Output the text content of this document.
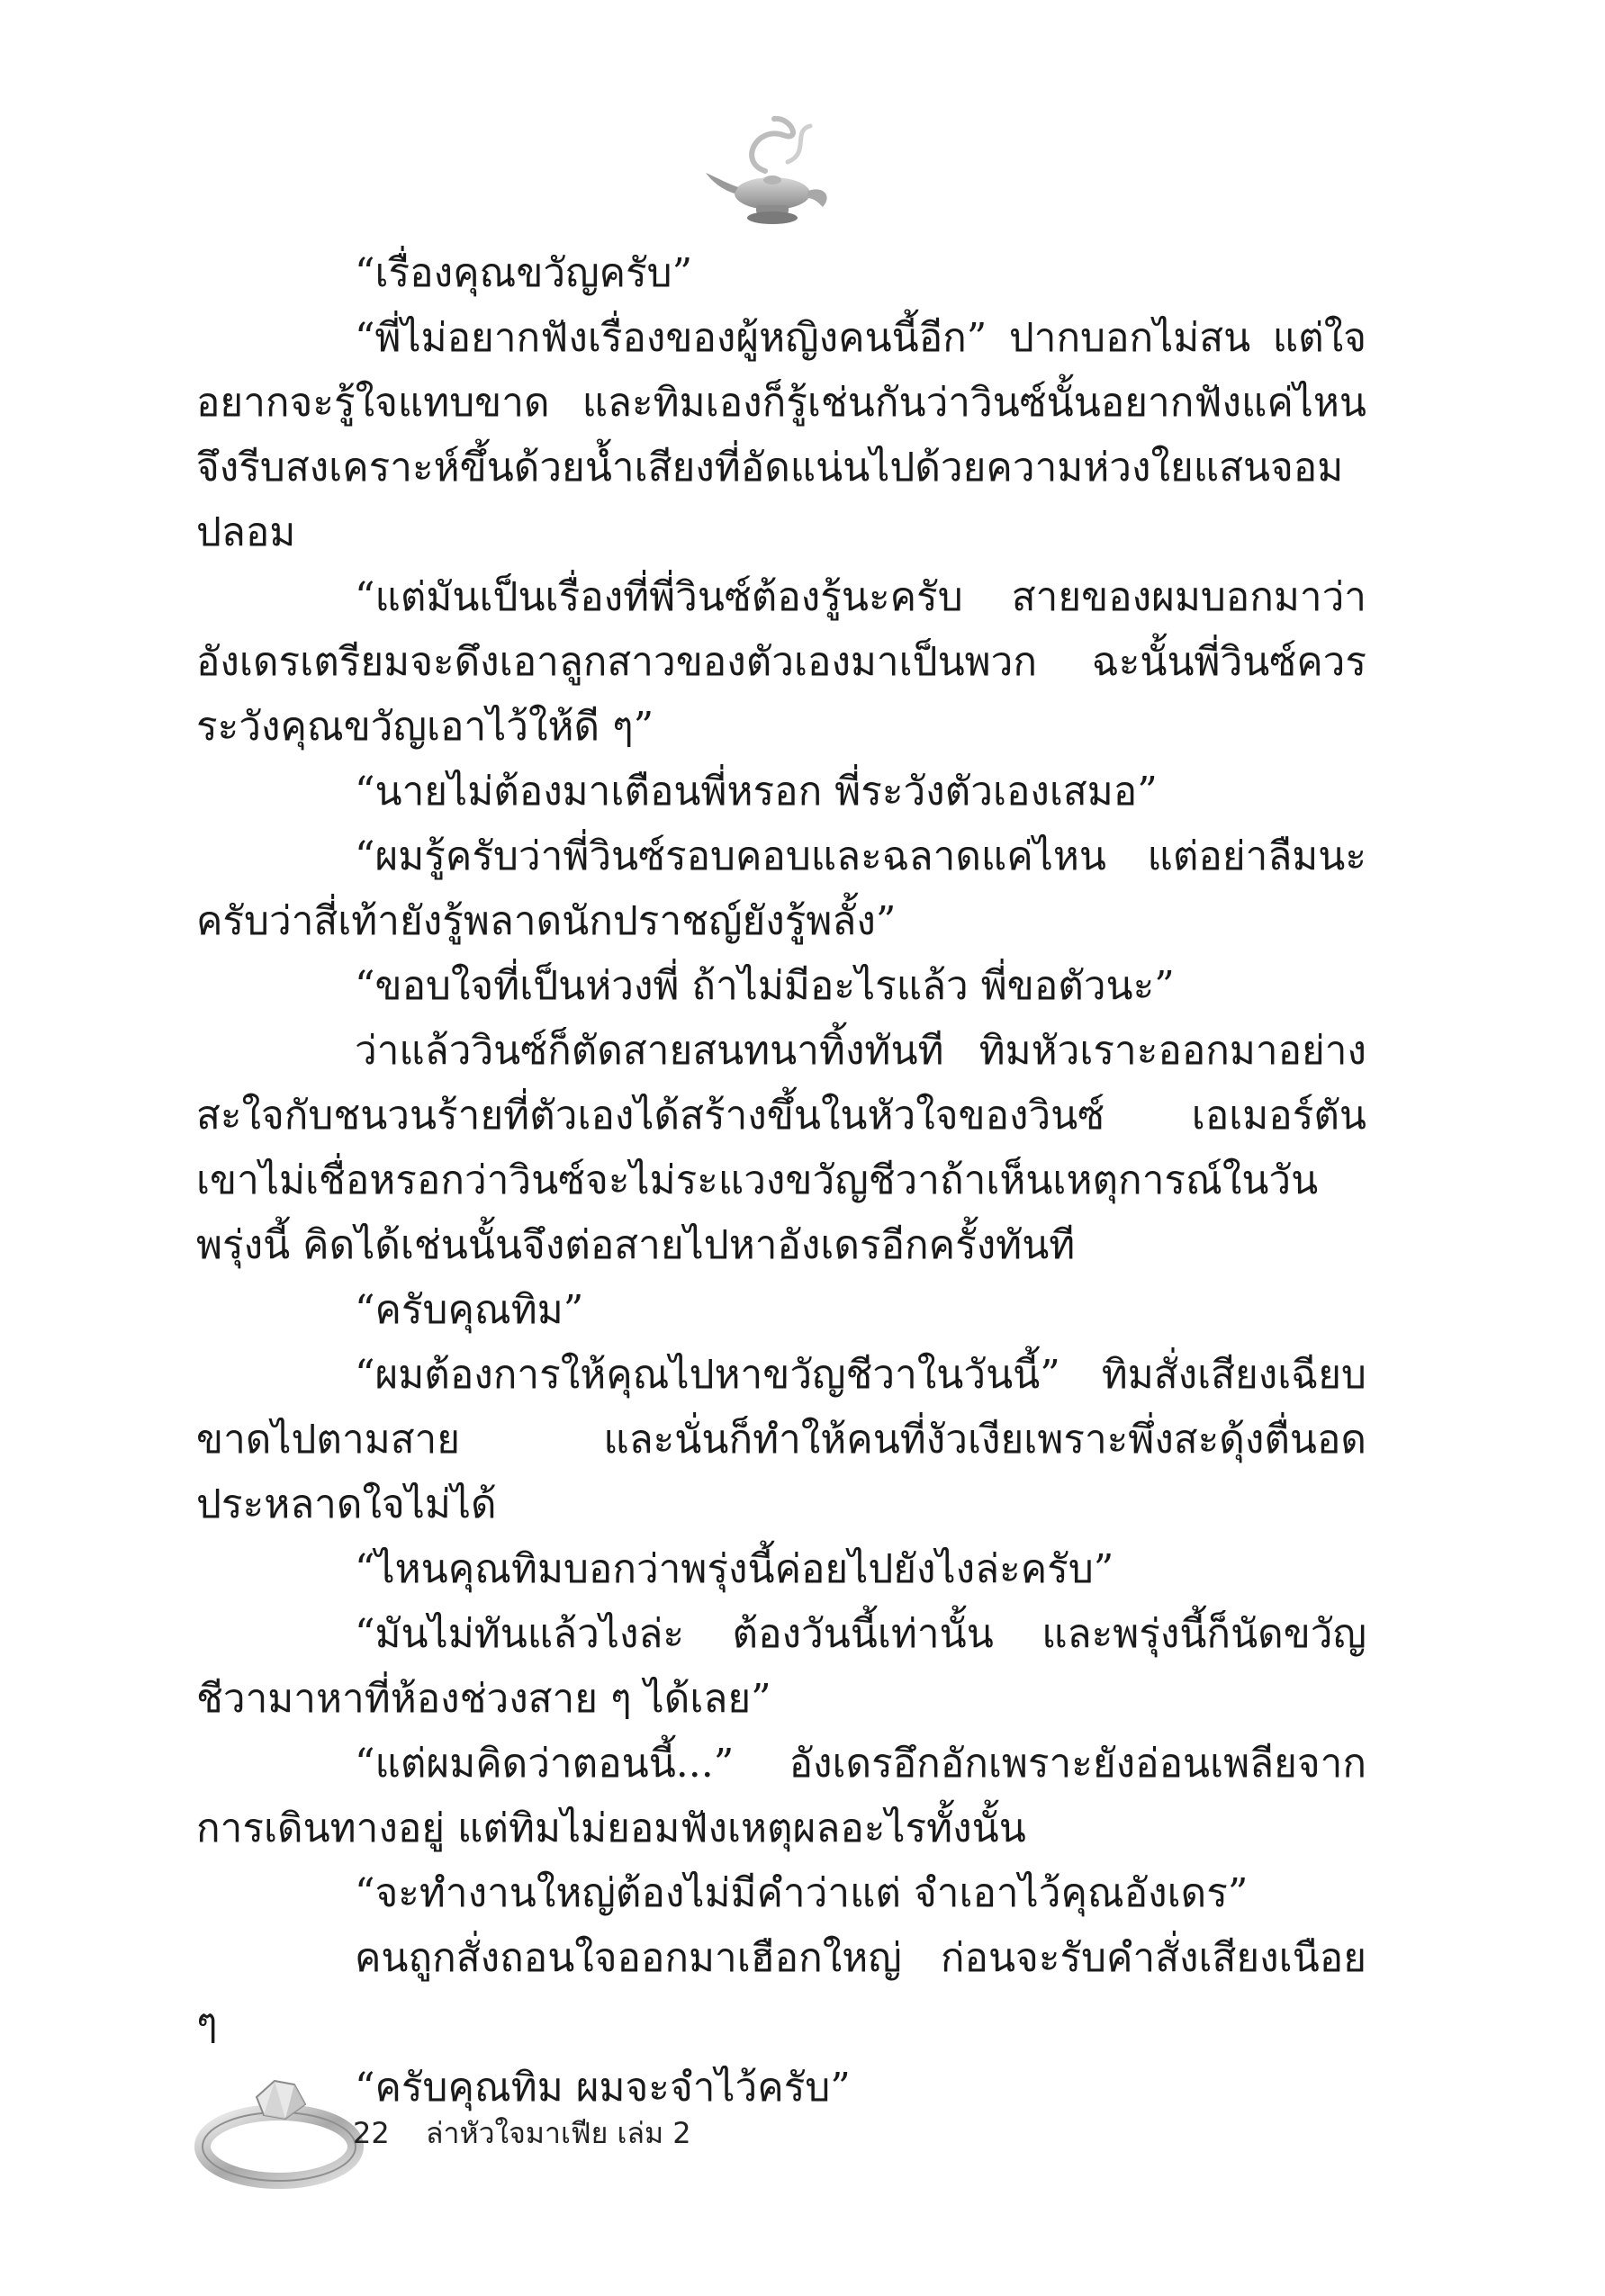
“เรื่องคุณขวัญครับ”

“พี่ไม่อยากฟังเรื่องของผู้หญิงคนนี้อีก” ปากบอกไม่สน แต่ใจอยากจะรู้ใจแทบขาด และทิมเองก็รู้เช่นกันว่าวินซ์นั้นอยากฟังแค่ไหน จึงรีบสงเคราะห์ขึ้นด้วยน้ำเสียงที่อัดแน่นไปด้วยความห่วงใยแสนจอมปลอม

“แต่มันเป็นเรื่องที่พี่วินซ์ต้องรู้นะครับ สายของผมบอกมาว่าอังเดรเตรียมจะดึงเอาลูกสาวของตัวเองมาเป็นพวก ฉะนั้นพี่วินซ์ควรระวังคุณขวัญเอาไว้ให้ดี ๆ”

“นายไม่ต้องมาเตือนพี่หรอก พี่ระวังตัวเองเสมอ”

“ผมรู้ครับว่าพี่วินซ์รอบคอบและฉลาดแค่ไหน แต่อย่าลืมนะครับว่าสี่เท้ายังรู้พลาดนักปราชญ์ยังรู้พลั้ง”

“ขอบใจที่เป็นห่วงพี่ ถ้าไม่มีอะไรแล้ว พี่ขอตัวนะ”

ว่าแล้ววินซ์ก็ตัดสายสนทนาทิ้งทันที ทิมหัวเราะออกมาอย่างสะใจกับชนวนร้ายที่ตัวเองได้สร้างขึ้นในหัวใจของวินซ์ เอเมอร์ตัน เขาไม่เชื่อหรอกว่าวินซ์จะไม่ระแวงขวัญชีวาถ้าเห็นเหตุการณ์ในวันพรุ่งนี้ คิดได้เช่นนั้นจึงต่อสายไปหาอังเดรอีกครั้งทันที

“ครับคุณทิม”

“ผมต้องการให้คุณไปหาขวัญชีวาในวันนี้” ทิมสั่งเสียงเฉียบขาดไปตามสาย และนั่นก็ทำให้คนที่งัวเงียเพราะพึ่งสะดุ้งตื่นอดประหลาดใจไม่ได้

“ไหนคุณทิมบอกว่าพรุ่งนี้ค่อยไปยังไงล่ะครับ”

“มันไม่ทันแล้วไงล่ะ ต้องวันนี้เท่านั้น และพรุ่งนี้ก็นัดขวัญชีวามาหาที่ห้องช่วงสาย ๆ ได้เลย”

“แต่ผมคิดว่าตอนนี้...” อังเดรอึกอักเพราะยังอ่อนเพลียจากการเดินทางอยู่ แต่ทิมไม่ยอมฟังเหตุผลอะไรทั้งนั้น

“จะทำงานใหญ่ต้องไม่มีคำว่าแต่ จำเอาไว้คุณอังเดร”

คนถูกสั่งถอนใจออกมาเฮือกใหญ่ ก่อนจะรับคำสั่งเสียงเนือย ๆ

“ครับคุณทิม ผมจะจำไว้ครับ”

22 ล่าหัวใจมาเฟีย เล่ม 2
